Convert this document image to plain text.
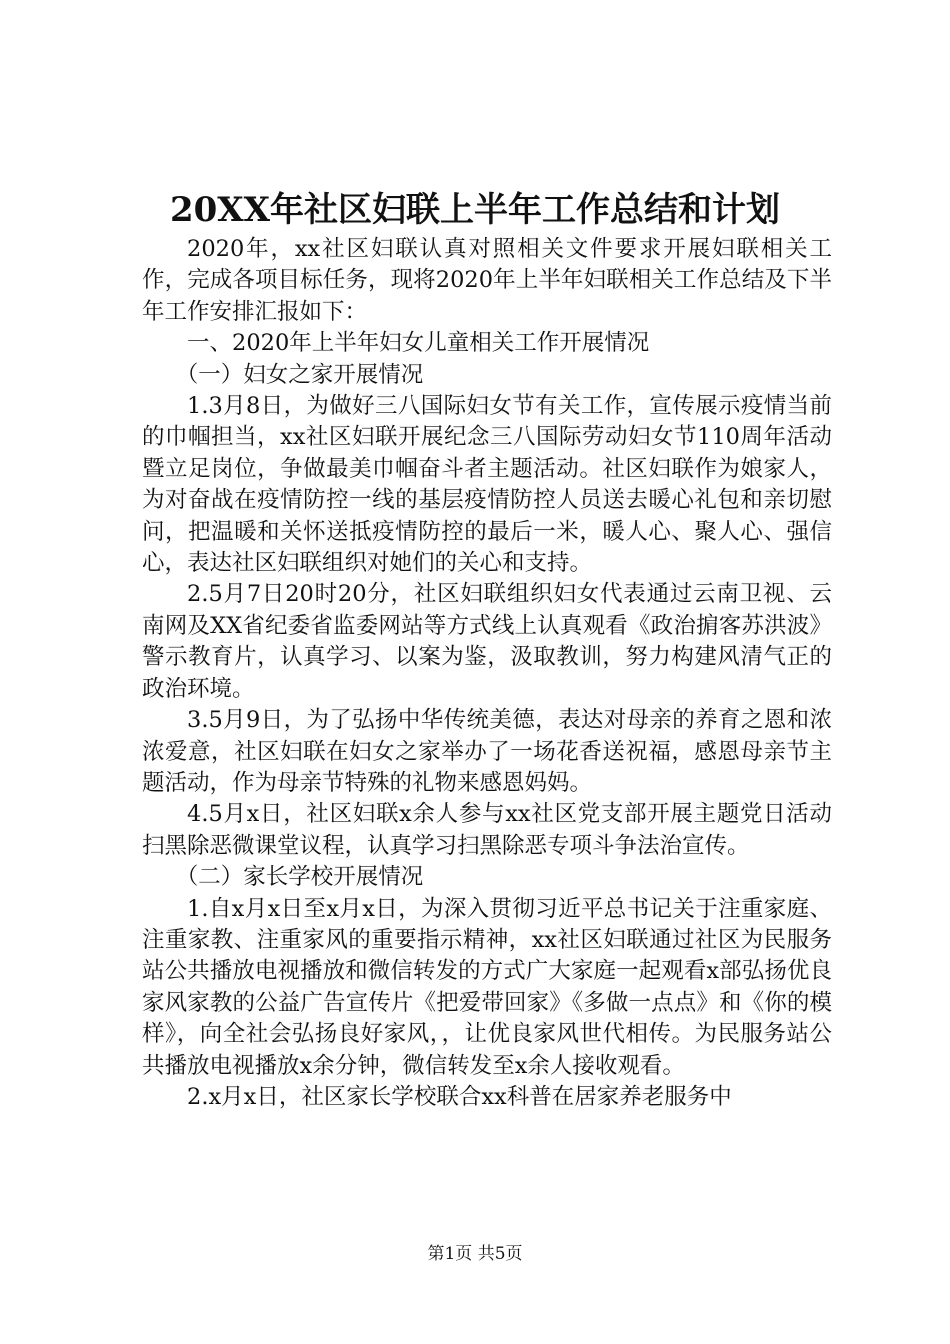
20XX年社区妇联上半年工作总结和计划

2020年，xx社区妇联认真对照相关文件要求开展妇联相关工作，完成各项目标任务，现将2020年上半年妇联相关工作总结及下半年工作安排汇报如下：

一、2020年上半年妇女儿童相关工作开展情况

（一）妇女之家开展情况

1.3月8日，为做好三八国际妇女节有关工作，宣传展示疫情当前的巾帼担当，xx社区妇联开展纪念三八国际劳动妇女节110周年活动暨立足岗位，争做最美巾帼奋斗者主题活动。社区妇联作为娘家人，为对奋战在疫情防控一线的基层疫情防控人员送去暖心礼包和亲切慰问，把温暖和关怀送抵疫情防控的最后一米，暖人心、聚人心、强信心，表达社区妇联组织对她们的关心和支持。

2.5月7日20时20分，社区妇联组织妇女代表通过云南卫视、云南网及XX省纪委省监委网站等方式线上认真观看《政治掮客苏洪波》警示教育片，认真学习、以案为鉴，汲取教训，努力构建风清气正的政治环境。

3.5月9日，为了弘扬中华传统美德，表达对母亲的养育之恩和浓浓爱意，社区妇联在妇女之家举办了一场花香送祝福，感恩母亲节主题活动，作为母亲节特殊的礼物来感恩妈妈。

4.5月x日，社区妇联x余人参与xx社区党支部开展主题党日活动扫黑除恶微课堂议程，认真学习扫黑除恶专项斗争法治宣传。

（二）家长学校开展情况

1.自x月x日至x月x日，为深入贯彻习近平总书记关于注重家庭、注重家教、注重家风的重要指示精神，xx社区妇联通过社区为民服务站公共播放电视播放和微信转发的方式广大家庭一起观看x部弘扬优良家风家教的公益广告宣传片《把爱带回家》《多做一点点》和《你的模样》，向全社会弘扬良好家风，，让优良家风世代相传。为民服务站公共播放电视播放x余分钟，微信转发至x余人接收观看。

2.x月x日，社区家长学校联合xx科普在居家养老服务中

第1页 共5页
